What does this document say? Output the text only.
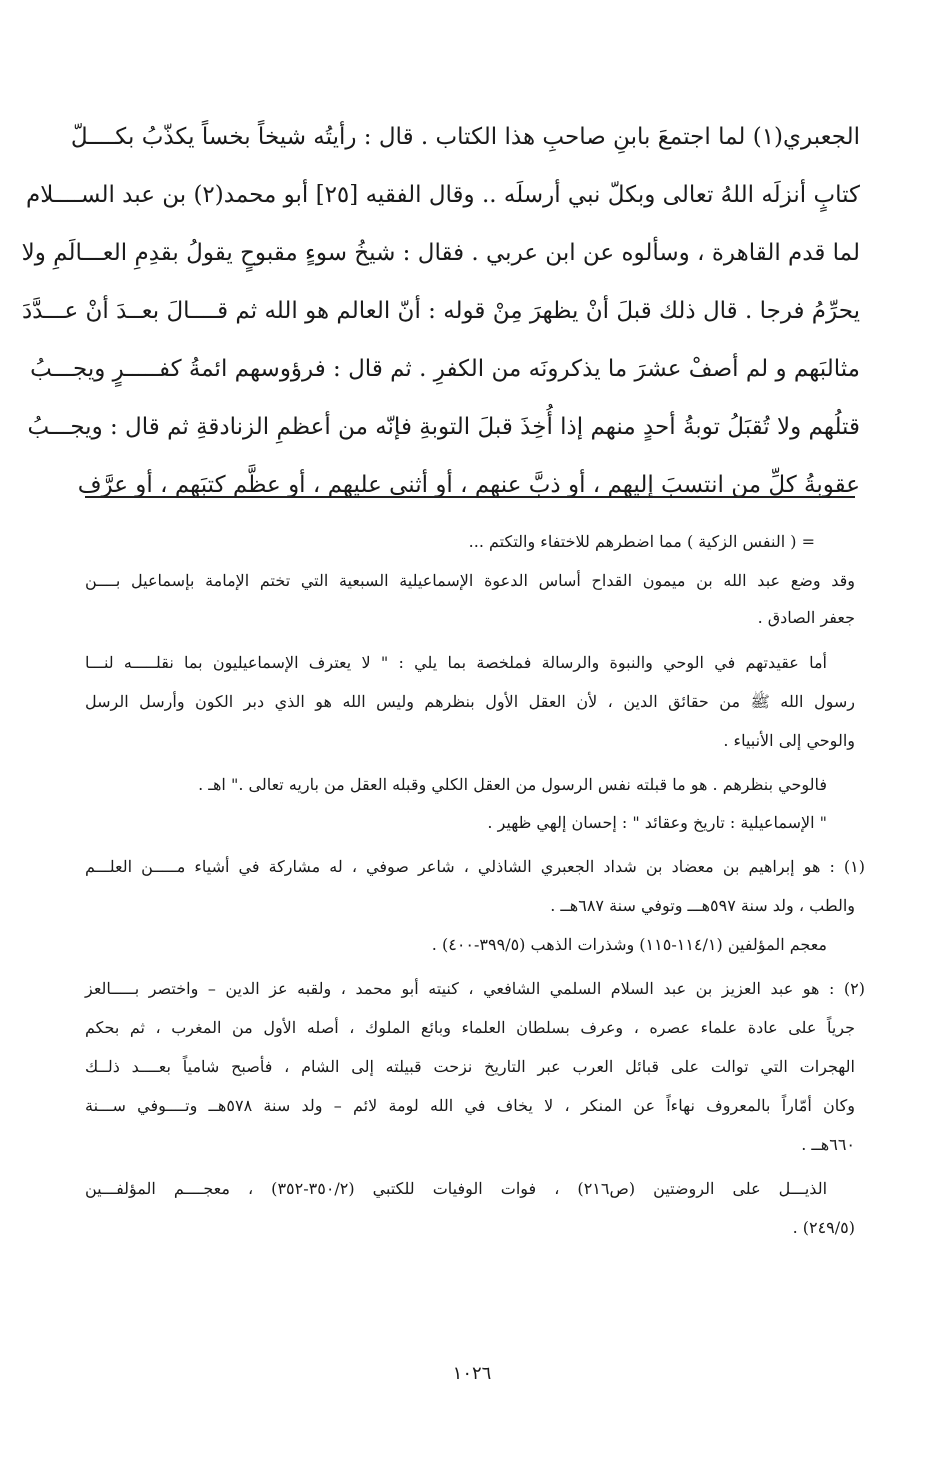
الجعبري(١) لما اجتمعَ بابنِ صاحبِ هذا الكتاب . قال : رأيتُه شيخاً بخساً يكذّبُ بكــــلّ
كتابٍ أنزلَه اللهُ تعالى وبكلّ نبي أرسلَه .. وقال الفقيه [٢٥] أبو محمد(٢) بن عبد الســــلام
لما قدم القاهرة ، وسألوه عن ابن عربي . فقال : شيخُ سوءٍ مقبوحٍ يقولُ بقدِمِ العـــالَمِ ولا
يحرِّمُ فرجا . قال ذلك قبلَ أنْ يظهرَ مِنْ قوله : أنّ العالم هو الله ثم قــــالَ بعــدَ أنْ عـــدَّدَ
مثالبَهم و لم أصفْ عشرَ ما يذكرونَه من الكفرِ . ثم قال : فرؤوسهم ائمةُ كفـــــرٍ ويجـــبُ
قتلُهم ولا تُقبَلُ توبةُ أحدٍ منهم إذا أُخِذَ قبلَ التوبةِ فإنّه من أعظمِ الزنادقةِ ثم قال : ويجـــبُ
عقوبةُ كلِّ من انتسبَ إليهم ، أو ذبَّ عنهم ، أو أثنى عليهم ، أو عظَّم كتبَهم ، أو عرَّف
= ( النفس الزكية ) مما اضطرهم للاختفاء والتكتم ...
وقد وضع عبد الله بن ميمون القداح أساس الدعوة الإسماعيلية السبعية التي تختم الإمامة بإسماعيل بــــن
جعفر الصادق .
أما عقيدتهم في الوحي والنبوة والرسالة فملخصة بما يلي : " لا يعترف الإسماعيليون بما نقلـــــه لنـــا
رسول الله ﷺ من حقائق الدين ، لأن العقل الأول بنظرهم وليس الله هو الذي دبر الكون وأرسل الرسل
والوحي إلى الأنبياء .
فالوحي بنظرهم . هو ما قبلته نفس الرسول من العقل الكلي وقبله العقل من باريه تعالى ." اهـ .
" الإسماعيلية : تاريخ وعقائد " : إحسان إلهي ظهير .
(١) : هو إبراهيم بن معضاد بن شداد الجعبري الشاذلي ، شاعر صوفي ، له مشاركة في أشياء مـــــن العلـــم
والطب ، ولد سنة ٥٩٧هـــ وتوفي سنة ٦٨٧هــ .
معجم المؤلفين (١١٤/١-١١٥) وشذرات الذهب (٣٩٩/٥-٤٠٠) .
(٢) : هو عبد العزيز بن عبد السلام السلمي الشافعي ، كنيته أبو محمد ، ولقبه عز الدين – واختصر بـــــالعز
جرياً على عادة علماء عصره ، وعرف بسلطان العلماء وبائع الملوك ، أصله الأول من المغرب ، ثم بحكم
الهجرات التي توالت على قبائل العرب عبر التاريخ نزحت قبيلته إلى الشام ، فأصبح شامياً بعــــد ذلــك
وكان أمّاراً بالمعروف نهاءاً عن المنكر ، لا يخاف في الله لومة لائم – ولد سنة ٥٧٨هــ وتــــوفي ســـنة
٦٦٠هــ .
الذيـــل على الروضتين (ص٢١٦) ، فوات الوفيات للكتبي (٣٥٠/٢-٣٥٢) ، معجــــم المؤلفـــين
(٢٤٩/٥) .
١٠٢٦
